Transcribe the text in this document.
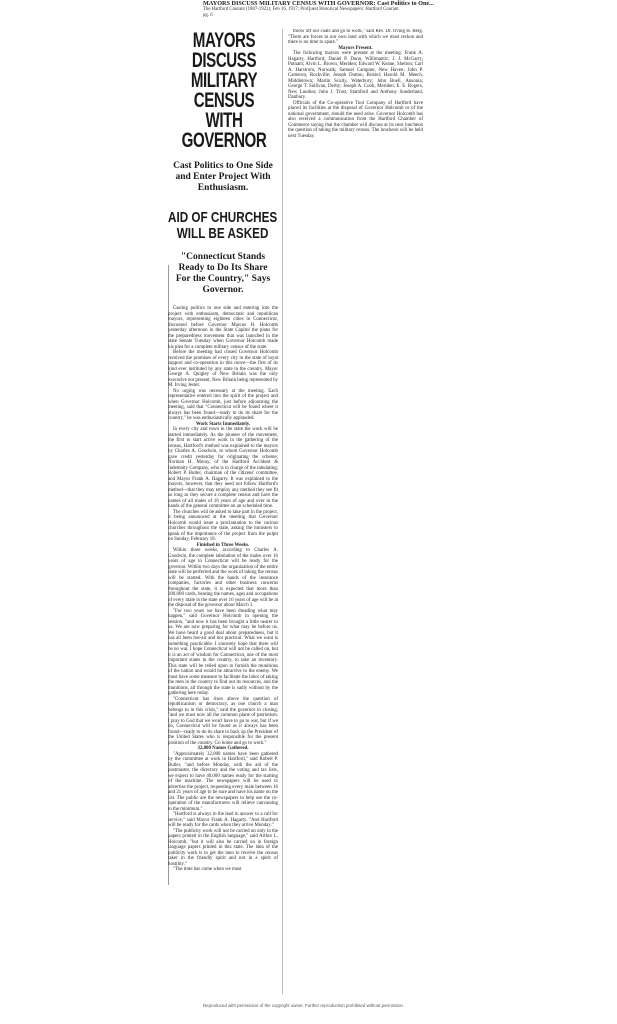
MAYORS DISCUSS MILITARY CENSUS WITH GOVERNOR: Cast Politics to One...
The Hartford Courant (1887-1922); Feb 16, 1917; ProQuest Historical Newspapers: Hartford Courant
pg. 6
MAYORS DISCUSS
MILITARY CENSUS
WITH GOVERNOR
Cast Politics to One Side and Enter Project With Enthusiasm.
AID OF CHURCHES
WILL BE ASKED
"Connecticut Stands Ready to Do Its Share For the Country," Says Governor.

Casting politics to one side and entering into the project with enthusiasm, democratic and republican mayors, representing eighteen cities in Connecticut, discussed before Governor Marcus H. Holcomb yesterday afternoon in the State Capitol the plans for the preparedness movement that was launched in the state Senate Tuesday when Governor Holcomb made his plea for a complete military census of the state.

Before the meeting had closed Governor Holcomb received the promises of every city in the state of loyal support and co-operation in this move—the first of its kind ever instituted by any state in the country. Mayor George A. Quigley of New Britain was the only executive not present, New Britain being represented by M. Irving Jester.

No urging was necessary at the meeting. Each representative entered into the spirit of the project and when Governor Holcomb, just before adjourning the meeting, said that "Connecticut will be found where it always has been found—ready to do its share for the country," he was enthusiastically applauded.

Work Starts Immediately.

In every city and town in the state the work will be started immediately. As the pioneer of the movement, the first to start active work in the gathering of the census, Hartford's method was explained to the mayors by Charles A. Goodwin, to whom Governor Holcomb gave credit yesterday for originating the scheme; Norman H. Moray, of the Hartford Accident & Indemnity Company, who is in charge of the tabulating; Robert P. Butler, chairman of the citizens' committee, and Mayor Frank A. Hagarty. It was explained to the mayors, however, that they need not follow Hartford's method—that they may employ any method they see fit so long as they secure a complete census and have the names of all males of 16 years of age and over in the hands of the general committee on an scheduled time.

The churches will be asked to take part in the project, it being announced at the meeting that Governor Holcomb would issue a proclamation to the various churches throughout the state, asking the ministers to speak of the importance of the project from the pulpit on Sunday, February 18.

Finished in Three Weeks.

Within three weeks, according to Charles A. Goodwin, the complete tabulation of the males over 16 years of age in Connecticut will be ready for the governor. Within two days the organization of the entire state will be perfected and the work of taking the census will be started. With the hands of the insurance companies, factories and other business concerns throughout the state, it is expected that more than 300,000 cards, bearing the names, ages and occupations of every male in the state over 16 years of age will be at the disposal of the governor about March 1.

"For two years we have been dreading what may happen," said Governor Holcomb in opening the session, "and now it has been brought a little nearer to us. We are now preparing for what may be before us. We have heard a good deal about preparedness, but it has all been hot-air and not practical. What we want is something practicable. I sincerely hope that there will be no war. I hope Connecticut will not be called on, but it is an act of wisdom for Connecticut, one of the most important states in the country, to take an inventory. This state will be relied upon to furnish the munitions of the nation and would be attractive to the enemy. We must have some measure to facilitate the labor of taking the men in the country to find out its resources, and the munitions, all through the state is sadly without by the gathering here today.

"Connecticut has risen above the question of republicanism or democracy, as one church a man belongs to in this crisis," said the governor in closing, "and we must now all the common plane of patriotism. I pray to God that we won't have to go to war, but if we do, Connecticut will be found as it always has been found—ready to do its share to back up the President of the United States who is responsible for the present position of the country. Go home and go to work."

32,000 Names Gathered.

"Approximately 32,000 names have been gathered by the committee at work in Hartford," said Robert P. Butler, "and before Monday, with the aid of the postmaster, the directory and the voting and tax lists, we expect to have 40,000 names ready for the starting of the machine. The newspapers will be used to advertise the project, requesting every male between 16 and 21 years of age to be sure and have his name on the list. The public are the newspapers to help use the co-operation of the manufacturers will relieve canvassing to the minimum."

"Hartford is always in the lead in answer to a call for service," said Mayor Frank A. Hagarty. "And Hartford will be ready for the cards when they arrive Monday."

"The publicity work will not be carried on only in the papers printed in the English language," said Arthur L. Holcomb, "but it will also be carried on in foreign language papers printed in this state. The idea of the publicity work is to get the men to receive the census taker in the friendly spirit and not in a spirit of hostility."

"The time has come when we must

throw off our coats and go to work," said Rev. Dr. Irving H. Berg. "There are forces in our own land with which we must reckon and there is no time to spare."

Mayors Present.

The following mayors were present at the meeting: Frank A. Hagarty, Hartford; Daniel P. Dunn, Willimantic; J. J. McGarry, Putnam; Alvin L. Brown, Meriden; Edward W. Keane, Shelton; Carl A. Harstrom, Norwalk; Samuel Campner, New Haven; John P. Cameron, Rockville; Joseph Dutton, Bristol; Harold M. Meech, Middletown; Martin Scully, Waterbury; John Buell, Ansonia; George T. Sullivan, Derby; Joseph A. Cook, Meriden; E. E. Rogers, New London; John J. Trust, Stamford and Anthony Sunderland, Danbury.

Officials of the Co-operative Tool Company of Hartford have placed its facilities at the disposal of Governor Holcomb or of the national government, should the need arise. Governor Holcomb has also received a communication from the Hartford Chamber of Commerce saying that the chamber will discuss at its next luncheon the question of taking the military census. The luncheon will be held next Tuesday.

Reproduced with permission of the copyright owner. Further reproduction prohibited without permission.
